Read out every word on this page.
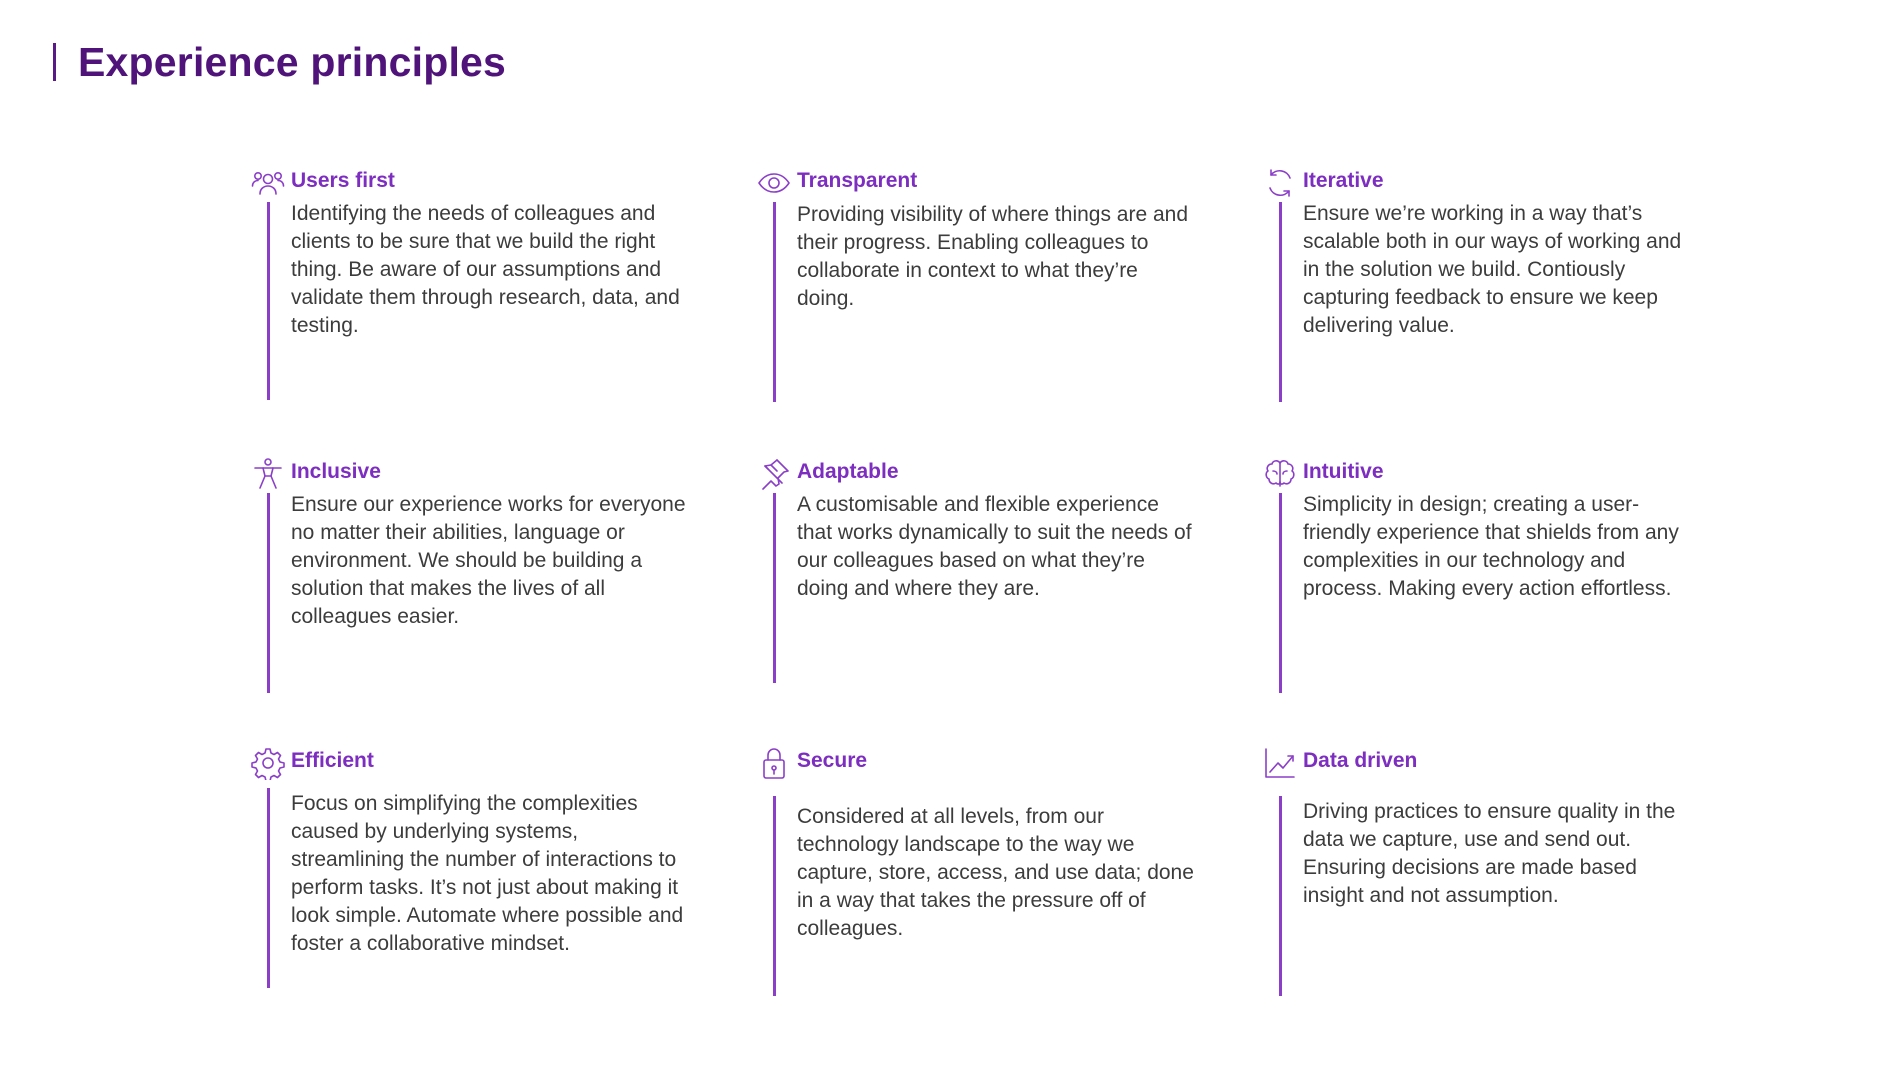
Experience principles
Users first

Identifying the needs of colleagues and clients to be sure that we build the right thing. Be aware of our assumptions and validate them through research, data, and testing.

Transparent

Providing visibility of where things are and their progress. Enabling colleagues to collaborate in context to what they’re doing.

Iterative

Ensure we’re working in a way that’s scalable both in our ways of working and in the solution we build. Contiously capturing feedback to ensure we keep delivering value.

Inclusive

Ensure our experience works for everyone no matter their abilities, language or environment. We should be building a solution that makes the lives of all colleagues easier.

Adaptable

A customisable and flexible experience that works dynamically to suit the needs of our colleagues based on what they’re doing and where they are.

Intuitive

Simplicity in design; creating a user-friendly experience that shields from any complexities in our technology and process. Making every action effortless.

Efficient

Focus on simplifying the complexities caused by underlying systems, streamlining the number of interactions to perform tasks. It’s not just about making it look simple. Automate where possible and foster a collaborative mindset.

Secure

Considered at all levels, from our technology landscape to the way we capture, store, access, and use data; done in a way that takes the pressure off of colleagues.

Data driven

Driving practices to ensure quality in the data we capture, use and send out. Ensuring decisions are made based insight and not assumption.
